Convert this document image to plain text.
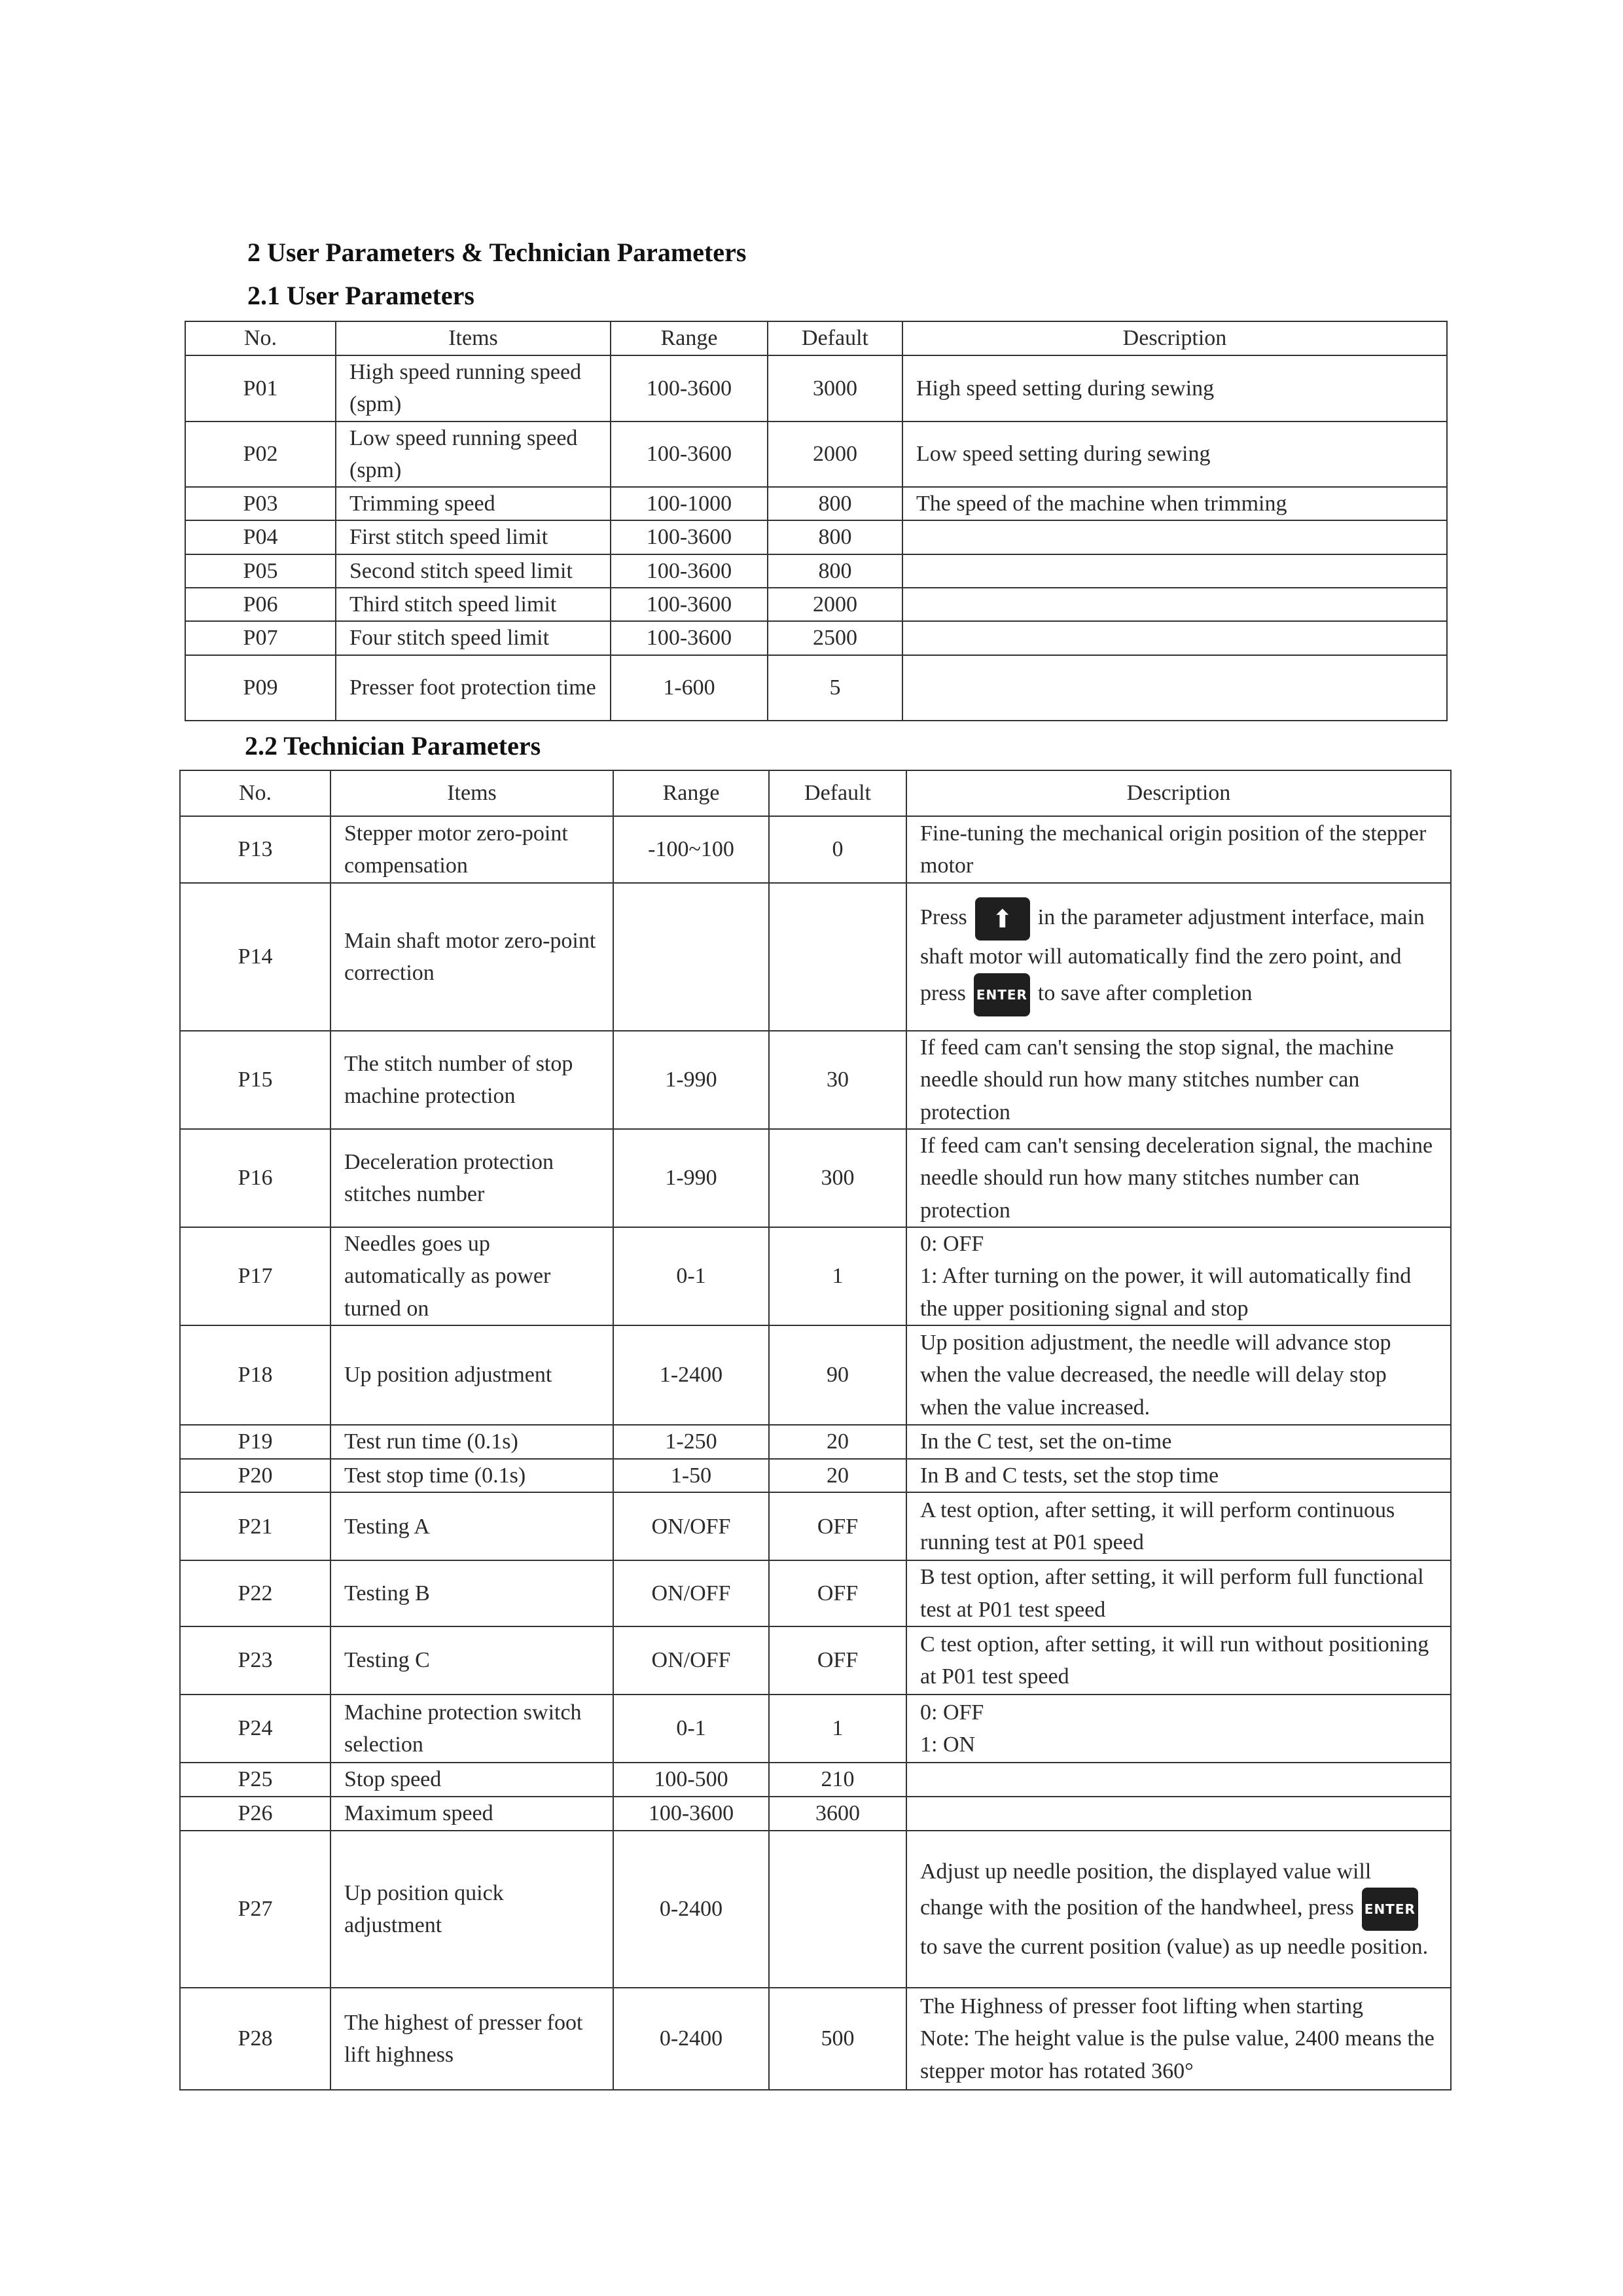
2 User Parameters & Technician Parameters
2.1 User Parameters
No.	Items	Range	Default	Description
P01	High speed running speed (spm)	100-3600	3000	High speed setting during sewing
P02	Low speed running speed (spm)	100-3600	2000	Low speed setting during sewing
P03	Trimming speed	100-1000	800	The speed of the machine when trimming
P04	First stitch speed limit	100-3600	800	
P05	Second stitch speed limit	100-3600	800	
P06	Third stitch speed limit	100-3600	2000	
P07	Four stitch speed limit	100-3600	2500	
P09	Presser foot protection time	1-600	5	
2.2 Technician Parameters
No.	Items	Range	Default	Description
P13	Stepper motor zero-point compensation	-100~100	0	Fine-tuning the mechanical origin position of the stepper motor
P14	Main shaft motor zero-point correction			Press ⬆ in the parameter adjustment interface, main shaft motor will automatically find the zero point, and press ENTER to save after completion
P15	The stitch number of stop machine protection	1-990	30	If feed cam can't sensing the stop signal, the machine needle should run how many stitches number can protection
P16	Deceleration protection stitches number	1-990	300	If feed cam can't sensing deceleration signal, the machine needle should run how many stitches number can protection
P17	Needles goes up automatically as power turned on	0-1	1	0: OFF
1: After turning on the power, it will automatically find the upper positioning signal and stop

P18	Up position adjustment	1-2400	90	Up position adjustment, the needle will advance stop when the value decreased, the needle will delay stop when the value increased.
P19	Test run time (0.1s)	1-250	20	In the C test, set the on-time
P20	Test stop time (0.1s)	1-50	20	In B and C tests, set the stop time
P21	Testing A	ON/OFF	OFF	A test option, after setting, it will perform continuous running test at P01 speed
P22	Testing B	ON/OFF	OFF	B test option, after setting, it will perform full functional test at P01 test speed
P23	Testing C	ON/OFF	OFF	C test option, after setting, it will run without positioning at P01 test speed
P24	Machine protection switch selection	0-1	1	0: OFF
1: ON

P25	Stop speed	100-500	210	
P26	Maximum speed	100-3600	3600	
P27	Up position quick adjustment	0-2400		Adjust up needle position, the displayed value will change with the position of the handwheel, press ENTERto save the current position (value) as up needle position.
P28	The highest of presser foot lift highness	0-2400	500	The Highness of presser foot lifting when starting
Note: The height value is the pulse value, 2400 means the stepper motor has rotated 360°
